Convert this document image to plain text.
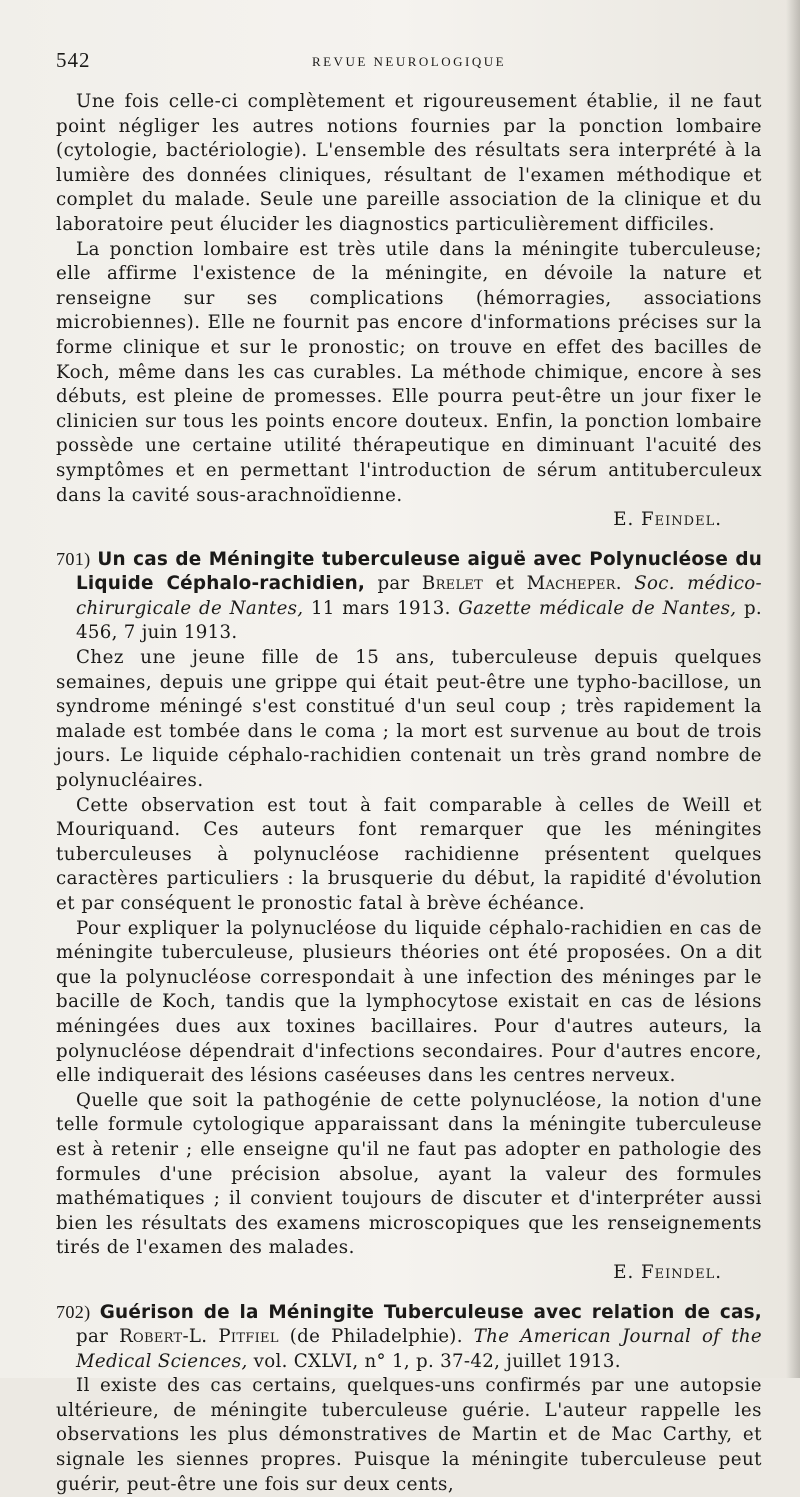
542	REVUE NEUROLOGIQUE

Une fois celle-ci complètement et rigoureusement établie, il ne faut point négliger les autres notions fournies par la ponction lombaire (cytologie, bactériologie). L'ensemble des résultats sera interprété à la lumière des données cliniques, résultant de l'examen méthodique et complet du malade. Seule une pareille association de la clinique et du laboratoire peut élucider les diagnostics particulièrement difficiles.

La ponction lombaire est très utile dans la méningite tuberculeuse; elle affirme l'existence de la méningite, en dévoile la nature et renseigne sur ses complications (hémorragies, associations microbiennes). Elle ne fournit pas encore d'informations précises sur la forme clinique et sur le pronostic; on trouve en effet des bacilles de Koch, même dans les cas curables. La méthode chimique, encore à ses débuts, est pleine de promesses. Elle pourra peut-être un jour fixer le clinicien sur tous les points encore douteux. Enfin, la ponction lombaire possède une certaine utilité thérapeutique en diminuant l'acuité des symptômes et en permettant l'introduction de sérum antituberculeux dans la cavité sous-arachnoïdienne.

E. Feindel.

701) Un cas de Méningite tuberculeuse aiguë avec Polynucléose du Liquide Céphalo-rachidien, par Brelet et Macheper. Soc. médico-chirurgicale de Nantes, 11 mars 1913. Gazette médicale de Nantes, p. 456, 7 juin 1913.

Chez une jeune fille de 15 ans, tuberculeuse depuis quelques semaines, depuis une grippe qui était peut-être une typho-bacillose, un syndrome méningé s'est constitué d'un seul coup ; très rapidement la malade est tombée dans le coma ; la mort est survenue au bout de trois jours. Le liquide céphalo-rachidien contenait un très grand nombre de polynucléaires.

Cette observation est tout à fait comparable à celles de Weill et Mouriquand. Ces auteurs font remarquer que les méningites tuberculeuses à polynucléose rachidienne présentent quelques caractères particuliers : la brusquerie du début, la rapidité d'évolution et par conséquent le pronostic fatal à brève échéance.

Pour expliquer la polynucléose du liquide céphalo-rachidien en cas de méningite tuberculeuse, plusieurs théories ont été proposées. On a dit que la polynucléose correspondait à une infection des méninges par le bacille de Koch, tandis que la lymphocytose existait en cas de lésions méningées dues aux toxines bacillaires. Pour d'autres auteurs, la polynucléose dépendrait d'infections secondaires. Pour d'autres encore, elle indiquerait des lésions caséeuses dans les centres nerveux.

Quelle que soit la pathogénie de cette polynucléose, la notion d'une telle formule cytologique apparaissant dans la méningite tuberculeuse est à retenir ; elle enseigne qu'il ne faut pas adopter en pathologie des formules d'une précision absolue, ayant la valeur des formules mathématiques ; il convient toujours de discuter et d'interpréter aussi bien les résultats des examens microscopiques que les renseignements tirés de l'examen des malades.

E. Feindel.

702) Guérison de la Méningite Tuberculeuse avec relation de cas, par Robert-L. Pitfiel (de Philadelphie). The American Journal of the Medical Sciences, vol. CXLVI, n° 1, p. 37-42, juillet 1913.

Il existe des cas certains, quelques-uns confirmés par une autopsie ultérieure, de méningite tuberculeuse guérie. L'auteur rappelle les observations les plus démonstratives de Martin et de Mac Carthy, et signale les siennes propres. Puisque la méningite tuberculeuse peut guérir, peut-être une fois sur deux cents,
